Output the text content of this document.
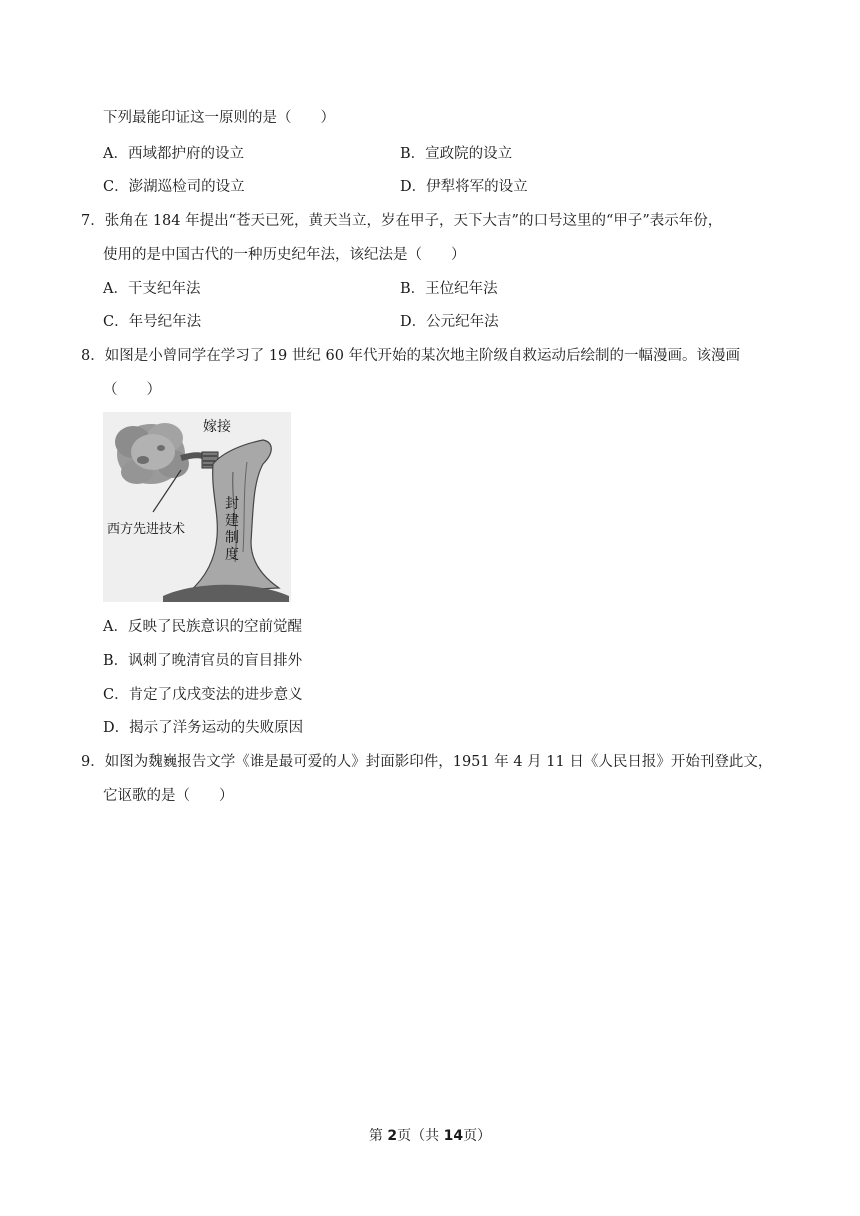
下列最能印证这一原则的是（　　）
A．西域都护府的设立	B．宣政院的设立
C．澎湖巡检司的设立	D．伊犁将军的设立
7．张角在 184 年提出“苍天已死，黄天当立，岁在甲子，天下大吉”的口号这里的“甲子”表示年份，
使用的是中国古代的一种历史纪年法，该纪法是（　　）
A．干支纪年法	B．王位纪年法
C．年号纪年法	D．公元纪年法
8．如图是小曾同学在学习了 19 世纪 60 年代开始的某次地主阶级自救运动后绘制的一幅漫画。该漫画
（　　）
嫁接
西方先进技术
封建制度
A．反映了民族意识的空前觉醒
B．讽刺了晚清官员的盲目排外
C．肯定了戊戌变法的进步意义
D．揭示了洋务运动的失败原因
9．如图为魏巍报告文学《谁是最可爱的人》封面影印件，1951 年 4 月 11 日《人民日报》开始刊登此文，
它讴歌的是（　　）
第 2页（共 14页）
